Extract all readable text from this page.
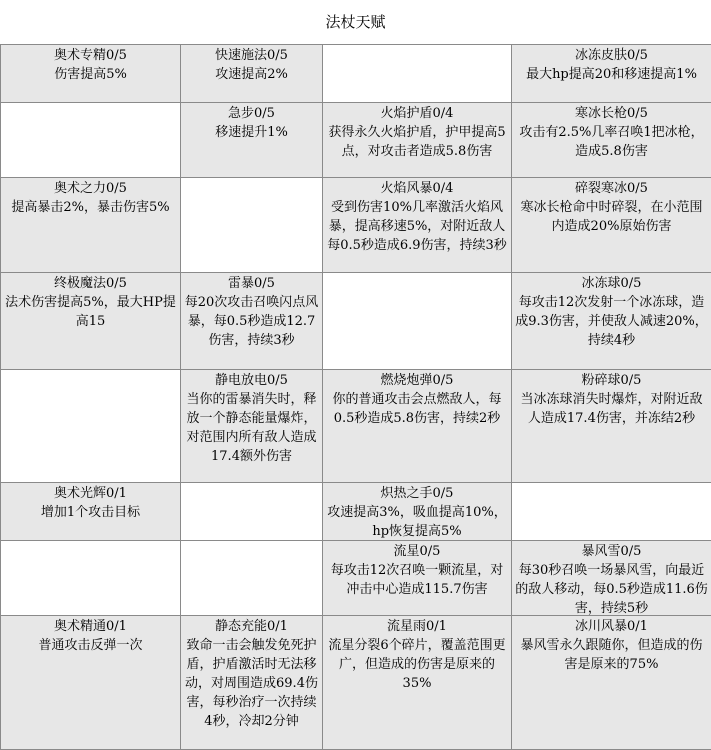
法杖天赋
奥术专精0/5
伤害提高5%
快速施法0/5
攻速提高2%
冰冻皮肤0/5
最大hp提高20和移速提高1%
急步0/5
移速提升1%
火焰护盾0/4
获得永久火焰护盾，护甲提高5点，对攻击者造成5.8伤害
寒冰长枪0/5
攻击有2.5%几率召唤1把冰枪，造成5.8伤害
奥术之力0/5
提高暴击2%，暴击伤害5%
火焰风暴0/4
受到伤害10%几率激活火焰风暴，提高移速5%，对附近敌人每0.5秒造成6.9伤害，持续3秒
碎裂寒冰0/5
寒冰长枪命中时碎裂，在小范围内造成20%原始伤害
终极魔法0/5
法术伤害提高5%，最大HP提高15
雷暴0/5
每20次攻击召唤闪点风暴，每0.5秒造成12.7伤害，持续3秒
冰冻球0/5
每攻击12次发射一个冰冻球，造成9.3伤害，并使敌人减速20%，持续4秒
静电放电0/5
当你的雷暴消失时，释放一个静态能量爆炸，对范围内所有敌人造成17.4额外伤害
燃烧炮弹0/5
你的普通攻击会点燃敌人，每0.5秒造成5.8伤害，持续2秒
粉碎球0/5
当冰冻球消失时爆炸，对附近敌人造成17.4伤害，并冻结2秒
奥术光辉0/1
增加1个攻击目标
炽热之手0/5
攻速提高3%，吸血提高10%，hp恢复提高5%
流星0/5
每攻击12次召唤一颗流星，对冲击中心造成115.7伤害
暴风雪0/5
每30秒召唤一场暴风雪，向最近的敌人移动，每0.5秒造成11.6伤害，持续5秒
奥术精通0/1
普通攻击反弹一次
静态充能0/1
致命一击会触发免死护盾，护盾激活时无法移动，对周围造成69.4伤害，每秒治疗一次持续4秒，冷却2分钟
流星雨0/1
流星分裂6个碎片，覆盖范围更广，但造成的伤害是原来的35%
冰川风暴0/1
暴风雪永久跟随你，但造成的伤害是原来的75%
